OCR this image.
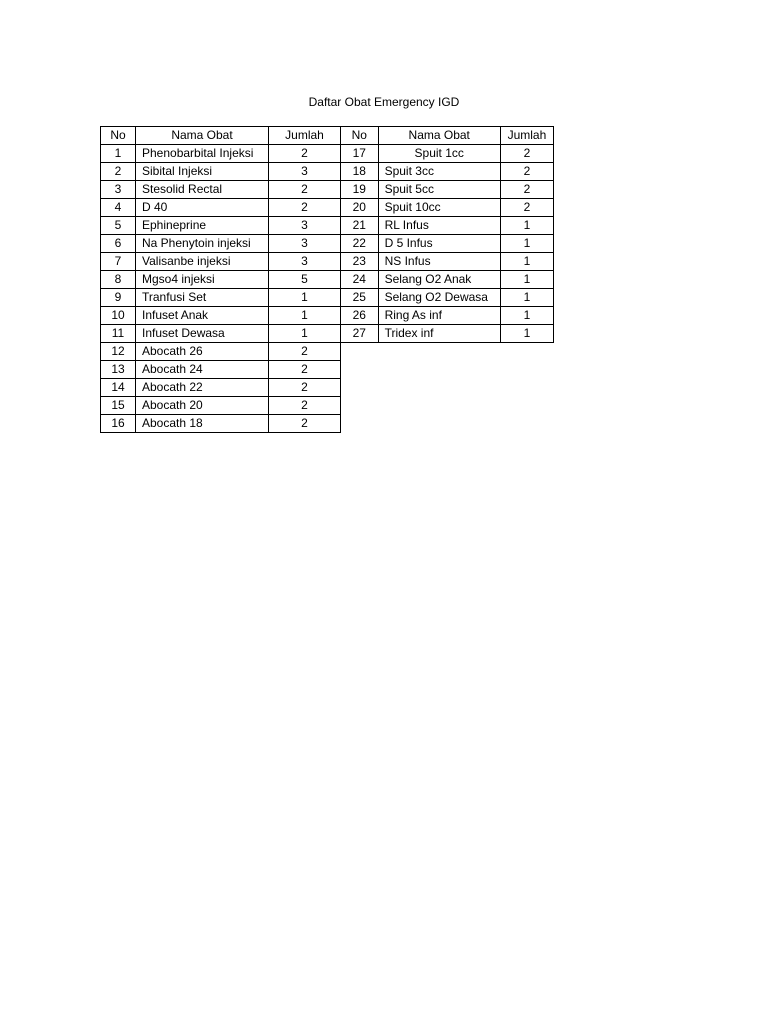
Daftar Obat Emergency IGD
No	Nama Obat	Jumlah
1	Phenobarbital Injeksi	2
2	Sibital Injeksi	3
3	Stesolid Rectal	2
4	D 40	2
5	Ephineprine	3
6	Na Phenytoin injeksi	3
7	Valisanbe injeksi	3
8	Mgso4 injeksi	5
9	Tranfusi Set	1
10	Infuset Anak	1
11	Infuset Dewasa	1
12	Abocath 26	2
13	Abocath 24	2
14	Abocath 22	2
15	Abocath 20	2
16	Abocath 18	2
No	Nama Obat	Jumlah
17	Spuit 1cc	2
18	Spuit 3cc	2
19	Spuit 5cc	2
20	Spuit 10cc	2
21	RL Infus	1
22	D 5 Infus	1
23	NS Infus	1
24	Selang O2 Anak	1
25	Selang O2 Dewasa	1
26	Ring As inf	1
27	Tridex inf	1
